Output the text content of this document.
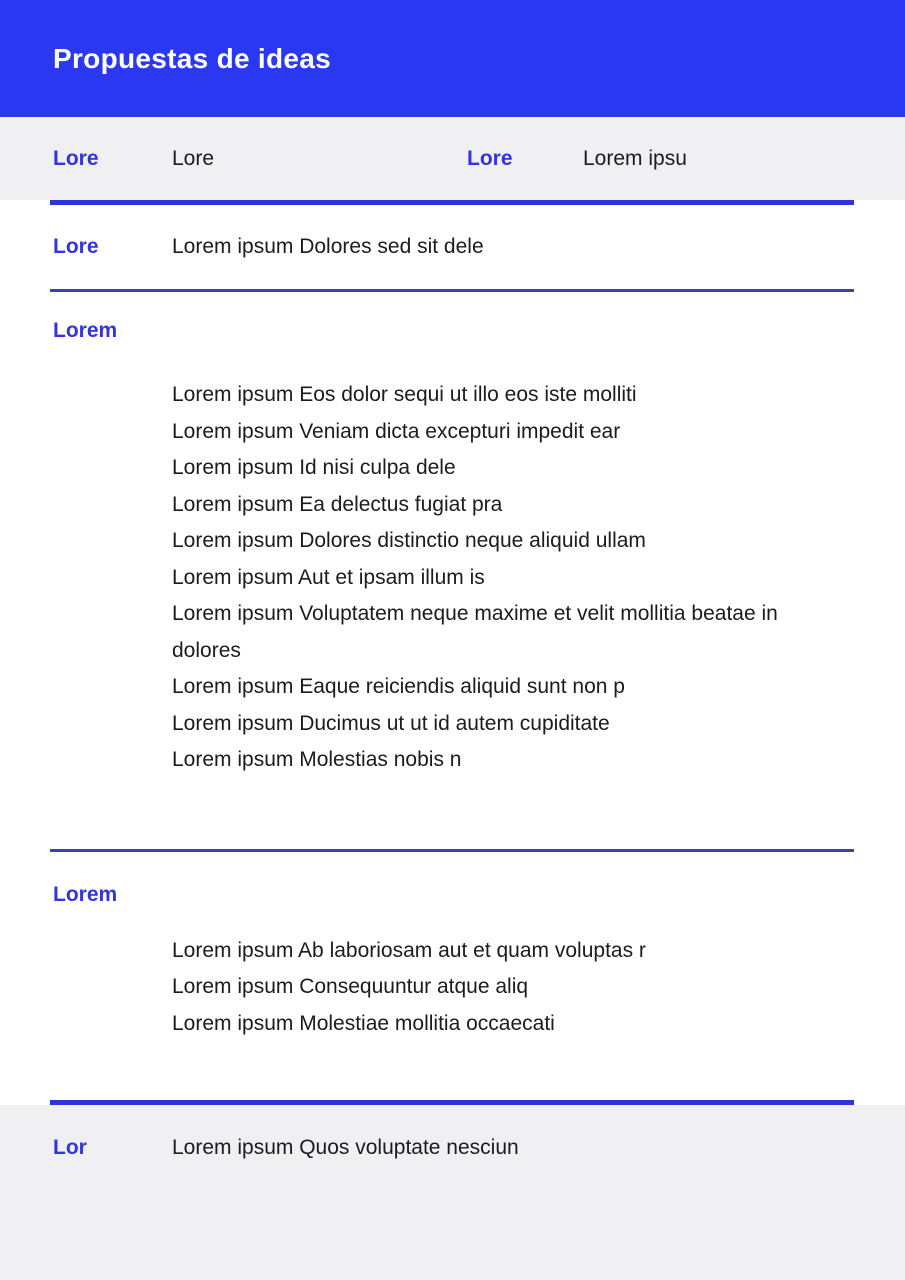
Propuestas de ideas
Lore	Lore	Lore	Lorem ipsu
Lore	Lorem ipsum Dolores sed sit dele

Lorem

Lorem ipsum Eos dolor sequi ut illo eos iste molliti
Lorem ipsum Veniam dicta excepturi impedit ear
Lorem ipsum Id nisi culpa dele
Lorem ipsum Ea delectus fugiat pra
Lorem ipsum Dolores distinctio neque aliquid ullam
Lorem ipsum Aut et ipsam illum is
Lorem ipsum Voluptatem neque maxime et velit mollitia beatae in dolores
Lorem ipsum Eaque reiciendis aliquid sunt non p
Lorem ipsum Ducimus ut ut id autem cupiditate
Lorem ipsum Molestias nobis n

Lorem

Lorem ipsum Ab laboriosam aut et quam voluptas r
Lorem ipsum Consequuntur atque aliq
Lorem ipsum Molestiae mollitia occaecati
Lor	Lorem ipsum Quos voluptate nesciun
